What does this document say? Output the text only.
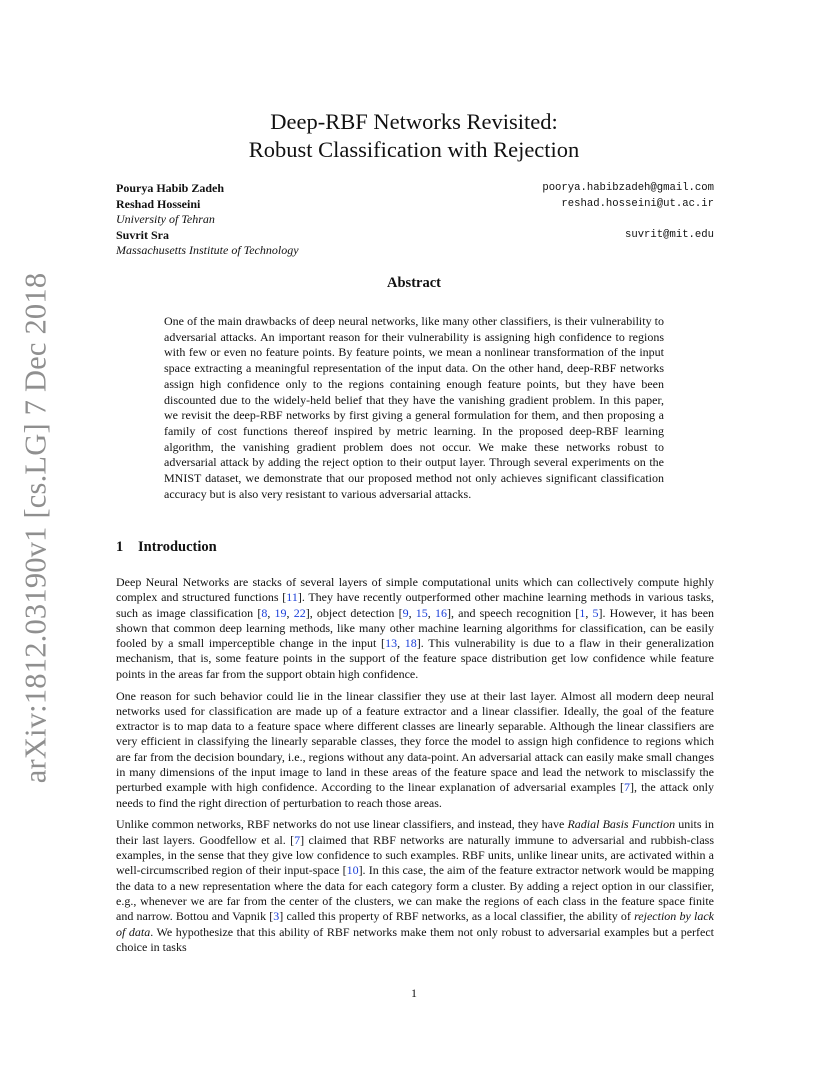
arXiv:1812.03190v1 [cs.LG] 7 Dec 2018
Deep-RBF Networks Revisited:
Robust Classification with Rejection
Pourya Habib Zadeh	poorya.habibzadeh@gmail.com
Reshad Hosseini	reshad.hosseini@ut.ac.ir
University of Tehran
Suvrit Sra	suvrit@mit.edu
Massachusetts Institute of Technology
Abstract

One of the main drawbacks of deep neural networks, like many other classifiers, is their vulnerability to adversarial attacks. An important reason for their vulnerability is assigning high confidence to regions with few or even no feature points. By feature points, we mean a nonlinear transformation of the input space extracting a meaningful representation of the input data. On the other hand, deep-RBF networks assign high confidence only to the regions containing enough feature points, but they have been discounted due to the widely-held belief that they have the vanishing gradient problem. In this paper, we revisit the deep-RBF networks by first giving a general formulation for them, and then proposing a family of cost functions thereof inspired by metric learning. In the proposed deep-RBF learning algorithm, the vanishing gradient problem does not occur. We make these networks robust to adversarial attack by adding the reject option to their output layer. Through several experiments on the MNIST dataset, we demonstrate that our proposed method not only achieves significant classification accuracy but is also very resistant to various adversarial attacks.

1 Introduction

Deep Neural Networks are stacks of several layers of simple computational units which can collectively compute highly complex and structured functions [11]. They have recently outperformed other machine learning methods in various tasks, such as image classification [8, 19, 22], object detection [9, 15, 16], and speech recognition [1, 5]. However, it has been shown that common deep learning methods, like many other machine learning algorithms for classification, can be easily fooled by a small imperceptible change in the input [13, 18]. This vulnerability is due to a flaw in their generalization mechanism, that is, some feature points in the support of the feature space distribution get low confidence while feature points in the areas far from the support obtain high confidence.

One reason for such behavior could lie in the linear classifier they use at their last layer. Almost all modern deep neural networks used for classification are made up of a feature extractor and a linear classifier. Ideally, the goal of the feature extractor is to map data to a feature space where different classes are linearly separable. Although the linear classifiers are very efficient in classifying the linearly separable classes, they force the model to assign high confidence to regions which are far from the decision boundary, i.e., regions without any data-point. An adversarial attack can easily make small changes in many dimensions of the input image to land in these areas of the feature space and lead the network to misclassify the perturbed example with high confidence. According to the linear explanation of adversarial examples [7], the attack only needs to find the right direction of perturbation to reach those areas.

Unlike common networks, RBF networks do not use linear classifiers, and instead, they have Radial Basis Function units in their last layers. Goodfellow et al. [7] claimed that RBF networks are naturally immune to adversarial and rubbish-class examples, in the sense that they give low confidence to such examples. RBF units, unlike linear units, are activated within a well-circumscribed region of their input-space [10]. In this case, the aim of the feature extractor network would be mapping the data to a new representation where the data for each category form a cluster. By adding a reject option in our classifier, e.g., whenever we are far from the center of the clusters, we can make the regions of each class in the feature space finite and narrow. Bottou and Vapnik [3] called this property of RBF networks, as a local classifier, the ability of rejection by lack of data. We hypothesize that this ability of RBF networks make them not only robust to adversarial examples but a perfect choice in tasks

1
